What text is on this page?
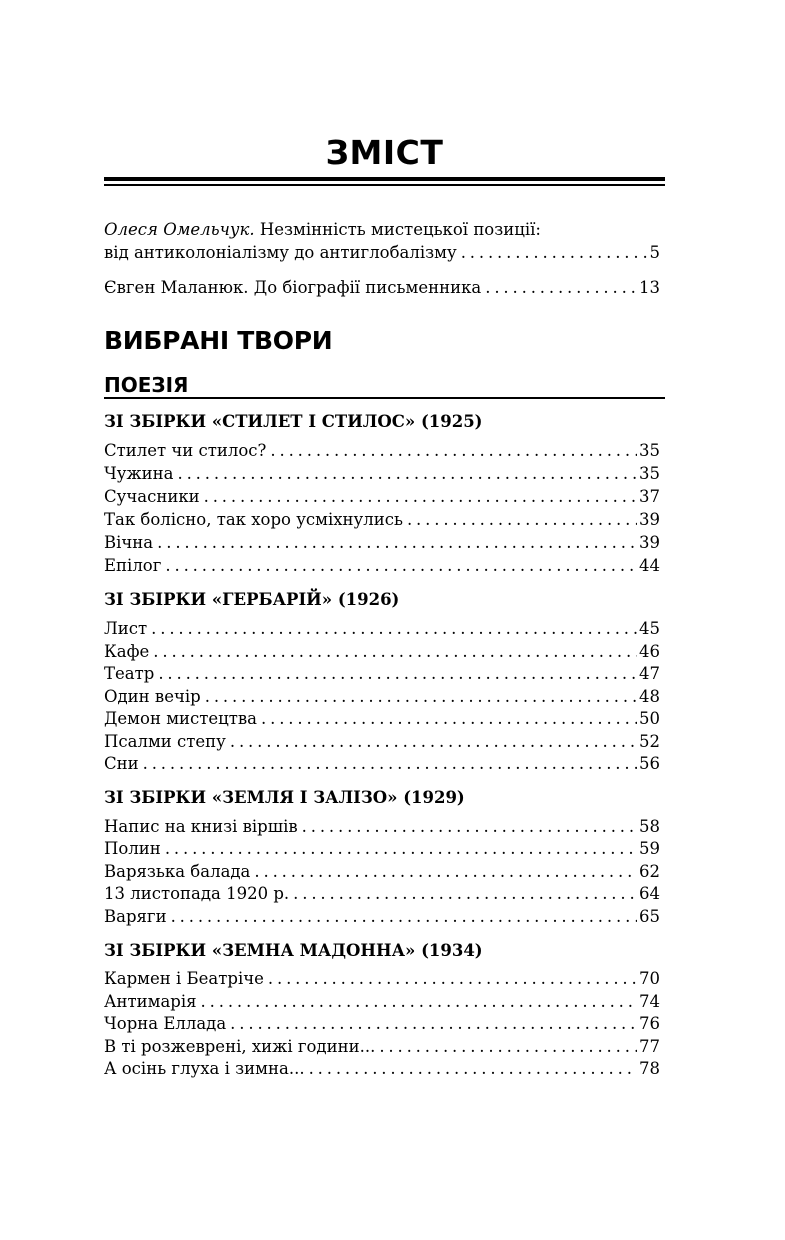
ЗМІСТ
Олеся Омельчук. Незмінність мистецької позиції:
від антиколоніалізму до антиглобалізму . . .	5
Євген Маланюк. До біографії письменника . . .	13
ВИБРАНІ ТВОРИ
ПОЕЗІЯ
ЗІ ЗБІРКИ «СТИЛЕТ І СТИЛОС» (1925)
Стилет чи стилос? . . .	35
Чужина . . .	35
Сучасники . . .	37
Так болісно, так хоро усміхнулись . . .	39
Вічна . . .	39
Епілог . . .	44
ЗІ ЗБІРКИ «ГЕРБАРІЙ» (1926)
Лист . . .	45
Кафе . . .	46
Театр . . .	47
Один вечір . . .	48
Демон мистецтва . . .	50
Псалми степу . . .	52
Сни . . .	56
ЗІ ЗБІРКИ «ЗЕМЛЯ І ЗАЛІЗО» (1929)
Напис на книзі віршів . . .	58
Полин . . .	59
Варязька балада . . .	62
13 листопада 1920 р. . . .	64
Варяги . . .	65
ЗІ ЗБІРКИ «ЗЕМНА МАДОННА» (1934)
Кармен і Беатріче . . .	70
Антимарія . . .	74
Чорна Еллада . . .	76
В ті розжеврені, хижі години... . . .	77
А осінь глуха і зимна... . . .	78
